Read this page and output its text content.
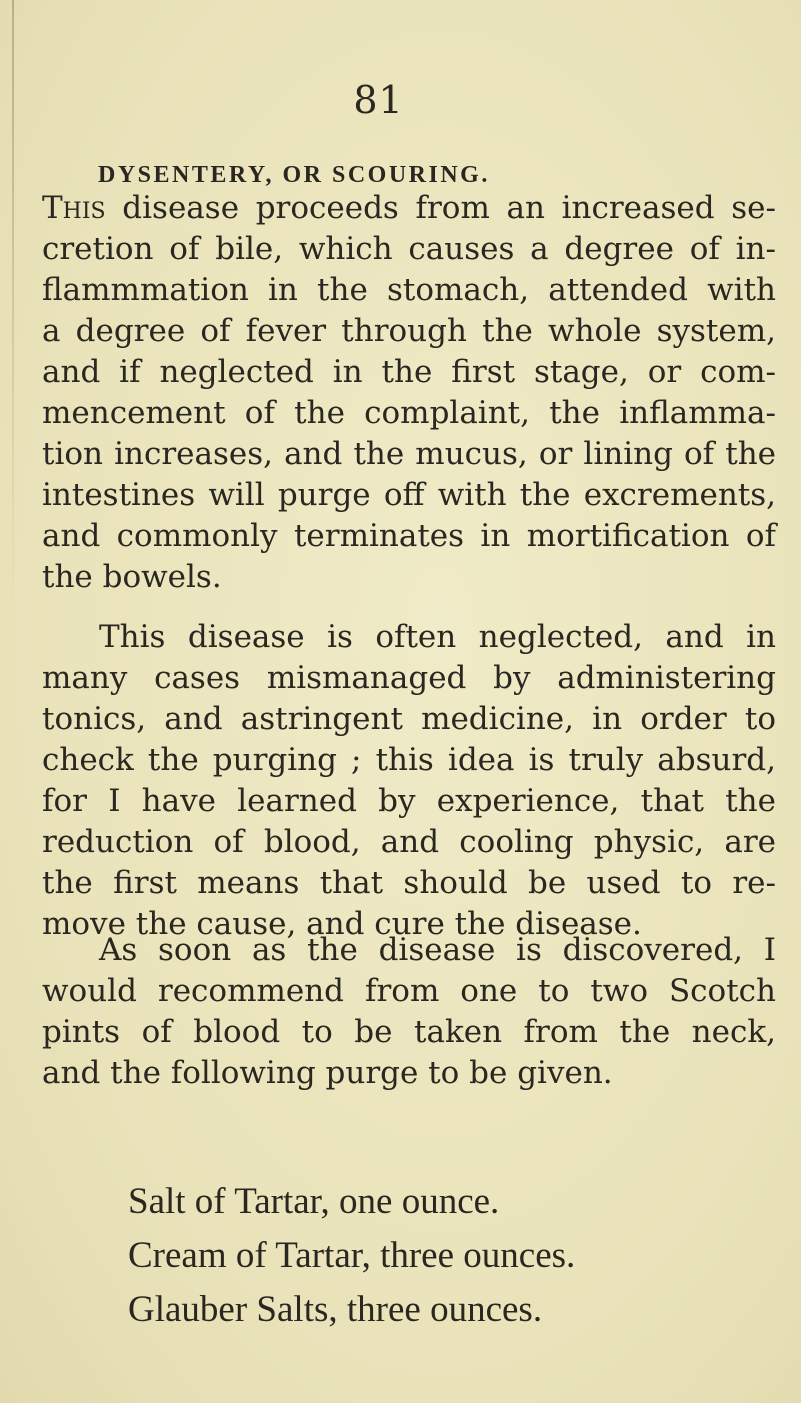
81
DYSENTERY, OR SCOURING.
This disease proceeds from an increased se-
cretion of bile, which causes a degree of in-
flammmation in the stomach, attended with
a degree of fever through the whole system,
and if neglected in the first stage, or com-
mencement of the complaint, the inflamma-
tion increases, and the mucus, or lining of the
intestines will purge off with the excrements,
and commonly terminates in mortification of
the bowels.
This disease is often neglected, and in
many cases mismanaged by administering
tonics, and astringent medicine, in order to
check the purging ; this idea is truly absurd,
for I have learned by experience, that the
reduction of blood, and cooling physic, are
the first means that should be used to re-
move the cause, and cure the disease.
As soon as the disease is discovered, I
would recommend from one to two Scotch
pints of blood to be taken from the neck,
and the following purge to be given.
Salt of Tartar, one ounce.
Cream of Tartar, three ounces.
Glauber Salts, three ounces.
